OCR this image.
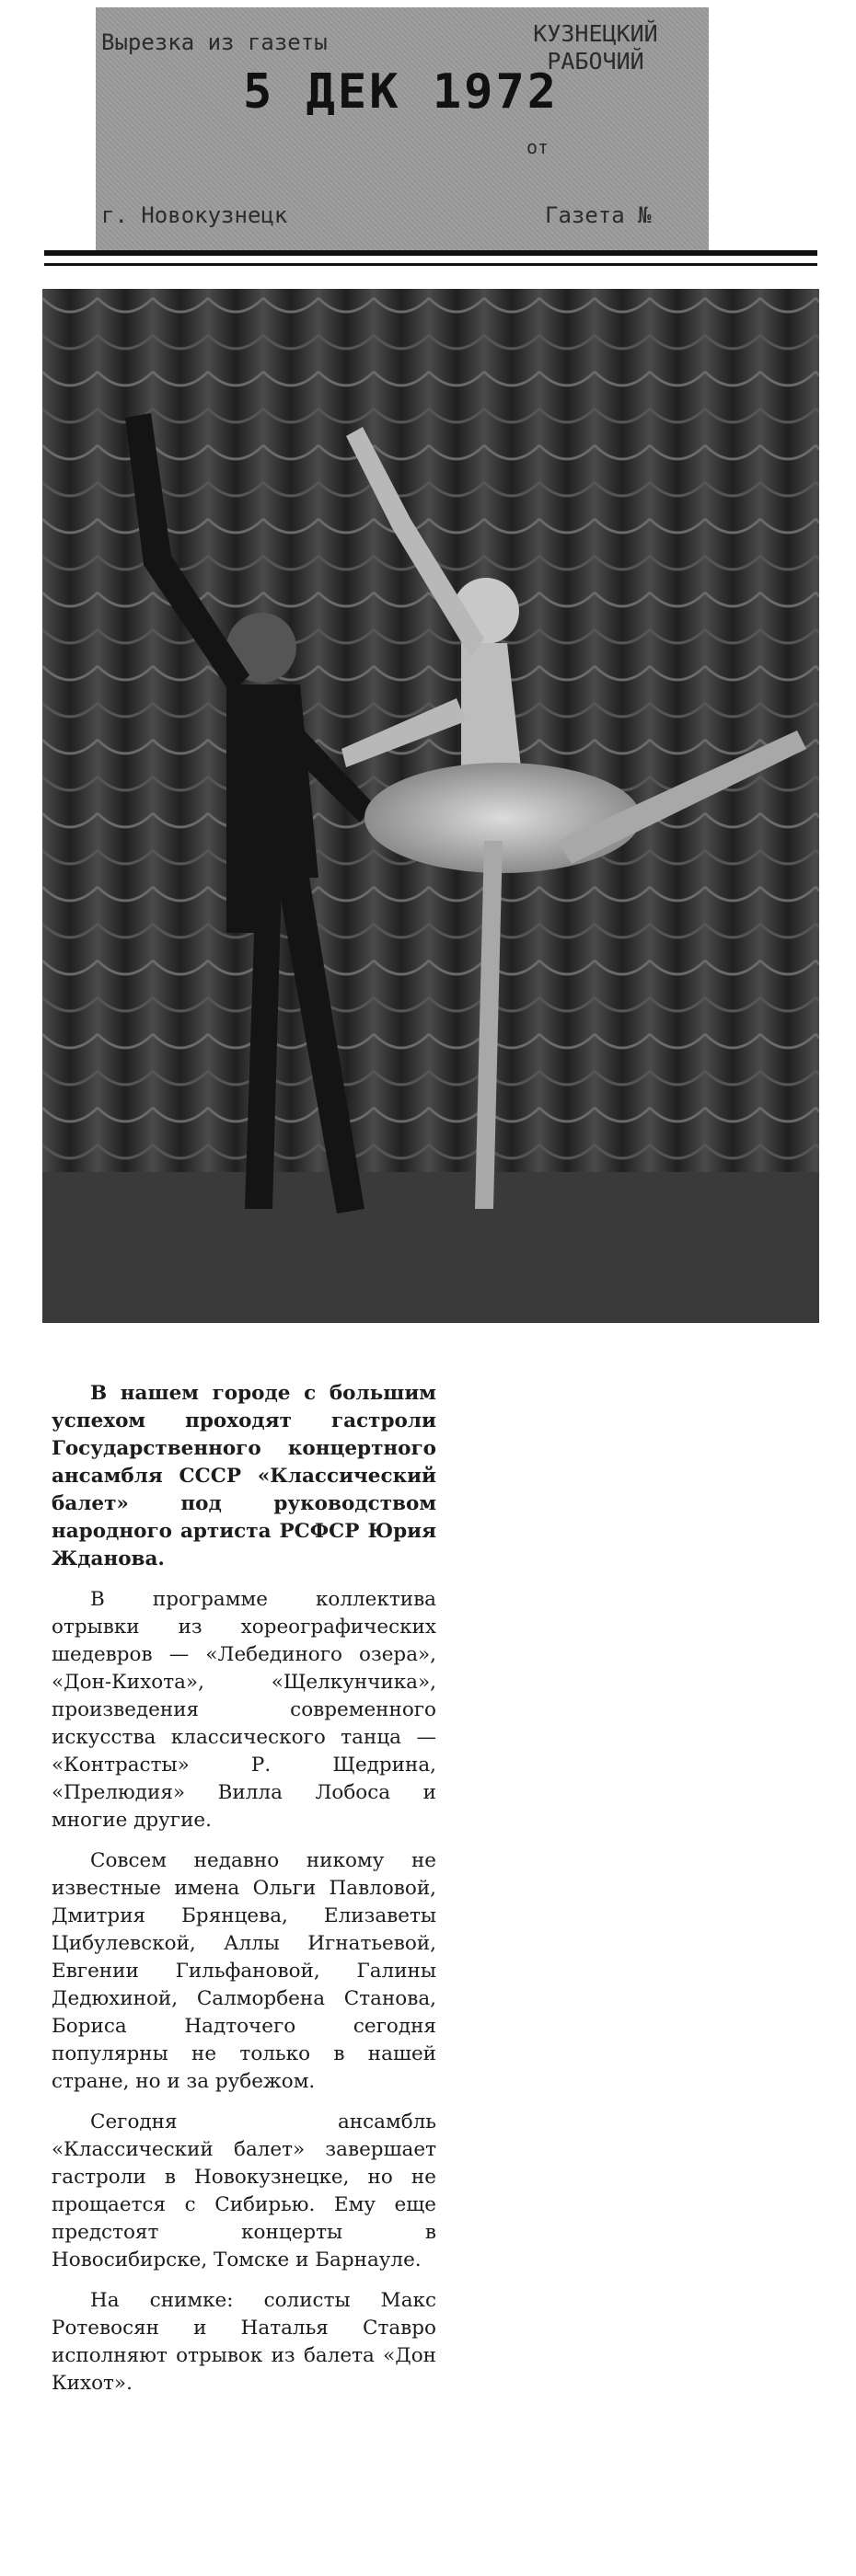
Вырезка из газеты	КУЗНЕЦКИЙ РАБОЧИЙ
5 ДЕК 1972
от
г. Новокузнецк	Газета №

В нашем городе с большим успехом проходят гастроли Государственного концертного ансамбля СССР «Классический балет» под руководством народного артиста РСФСР Юрия Жданова.

В программе коллектива отрывки из хореографических шедевров — «Лебединого озера», «Дон-Кихота», «Щелкунчика», произведения современного искусства классического танца — «Контрасты» Р. Щедрина, «Прелюдия» Вилла Лобоса и многие другие.

Совсем недавно никому не известные имена Ольги Павловой, Дмитрия Брянцева, Елизаветы Цибулевской, Аллы Игнатьевой, Евгении Гильфановой, Галины Дедюхиной, Салморбена Станова, Бориса Надточего сегодня популярны не только в нашей стране, но и за рубежом.

Сегодня ансамбль «Классический балет» завершает гастроли в Новокузнецке, но не прощается с Сибирью. Ему еще предстоят концерты в Новосибирске, Томске и Барнауле.

На снимке: солисты Макс Ротевосян и Наталья Ставро исполняют отрывок из балета «Дон Кихот».
